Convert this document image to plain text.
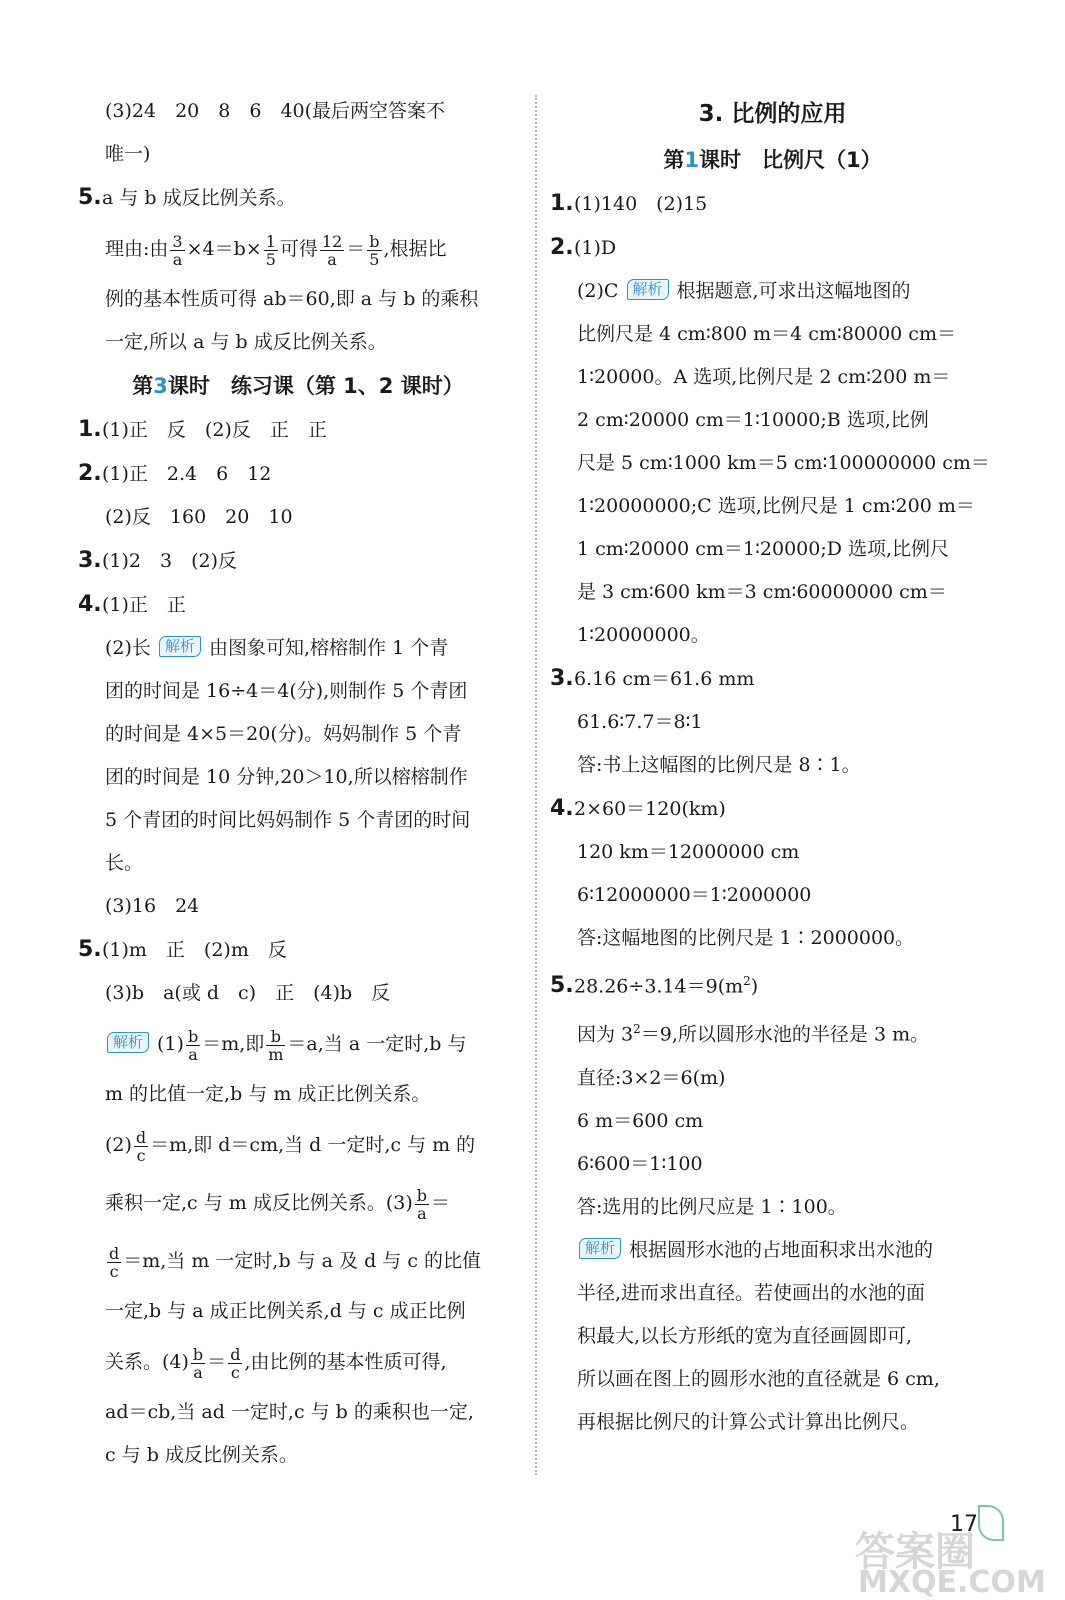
(3)24　20　8　6　40(最后两空答案不
唯一)
5.a 与 b 成反比例关系。
理由:由 $\frac{3}{a} \times 4=b\times \frac{1}{5}$ 可得 $\frac{12}{a} = \frac{b}{5}$ ,根据比
例的基本性质可得 ab＝60,即 a 与 b 的乘积
一定,所以 a 与 b 成反比例关系。
第3课时　练习课（第 1、2 课时）
1.(1)正　反　(2)反　正　正
2.(1)正　2.4　6　12
(2)反　160　20　10
3.(1)2　3　(2)反
4.(1)正　正
(2)长 解析 由图象可知,榕榕制作 1 个青
团的时间是 16÷4＝4(分),则制作 5 个青团
的时间是 4×5＝20(分)。妈妈制作 5 个青
团的时间是 10 分钟,20＞10,所以榕榕制作
5 个青团的时间比妈妈制作 5 个青团的时间
长。
(3)16　24
5.(1)m　正　(2)m　反
(3)b　a(或 d　c)　正　(4)b　反
解析 $(1) \frac{b}{a} =m$,即 $\frac{b}{m} =a$,当 a 一定时,b 与
m 的比值一定,b 与 m 成正比例关系。
$(2) \frac{d}{c} =m$,即 d＝cm,当 d 一定时,c 与 m 的
乘积一定,c 与 m 成反比例关系。$(3) \frac{b}{a}$ ＝
$\frac{d}{c} =m$,当 m 一定时,b 与 a 及 d 与 c 的比值
一定,b 与 a 成正比例关系,d 与 c 成正比例
关系。$(4) \frac{b}{a} = \frac{d}{c}$ ,由比例的基本性质可得,
ad＝cb,当 ad 一定时,c 与 b 的乘积也一定,
c 与 b 成反比例关系。
3. 比例的应用
第1课时　比例尺（1）
1.(1)140　(2)15
2.(1)D
(2)C 解析 根据题意,可求出这幅地图的
比例尺是 4 cm∶800 m＝4 cm∶80000 cm＝
1∶20000。A 选项,比例尺是 2 cm∶200 m＝
2 cm∶20000 cm＝1∶10000;B 选项,比例
尺是 5 cm∶1000 km＝5 cm∶100000000 cm＝
1∶20000000;C 选项,比例尺是 1 cm∶200 m＝
1 cm∶20000 cm＝1∶20000;D 选项,比例尺
是 3 cm∶600 km＝3 cm∶60000000 cm＝
1∶20000000。
3.6.16 cm＝61.6 mm
61.6∶7.7＝8∶1
答:书上这幅图的比例尺是 8∶1。
4.2×60＝120(km)
120 km＝12000000 cm
6∶12000000＝1∶2000000
答:这幅地图的比例尺是 1∶2000000。
$5.28.26\div 3.14=9(m^2)$
因为 $3^2=9$,所以圆形水池的半径是 3 m。
直径:3×2＝6(m)
6 m＝600 cm
6∶600＝1∶100
答:选用的比例尺应是 1∶100。
解析 根据圆形水池的占地面积求出水池的
半径,进而求出直径。若使画出的水池的面
积最大,以长方形纸的宽为直径画圆即可,
所以画在图上的圆形水池的直径就是 6 cm,
再根据比例尺的计算公式计算出比例尺。
17
答案圈
MXQE.COM
